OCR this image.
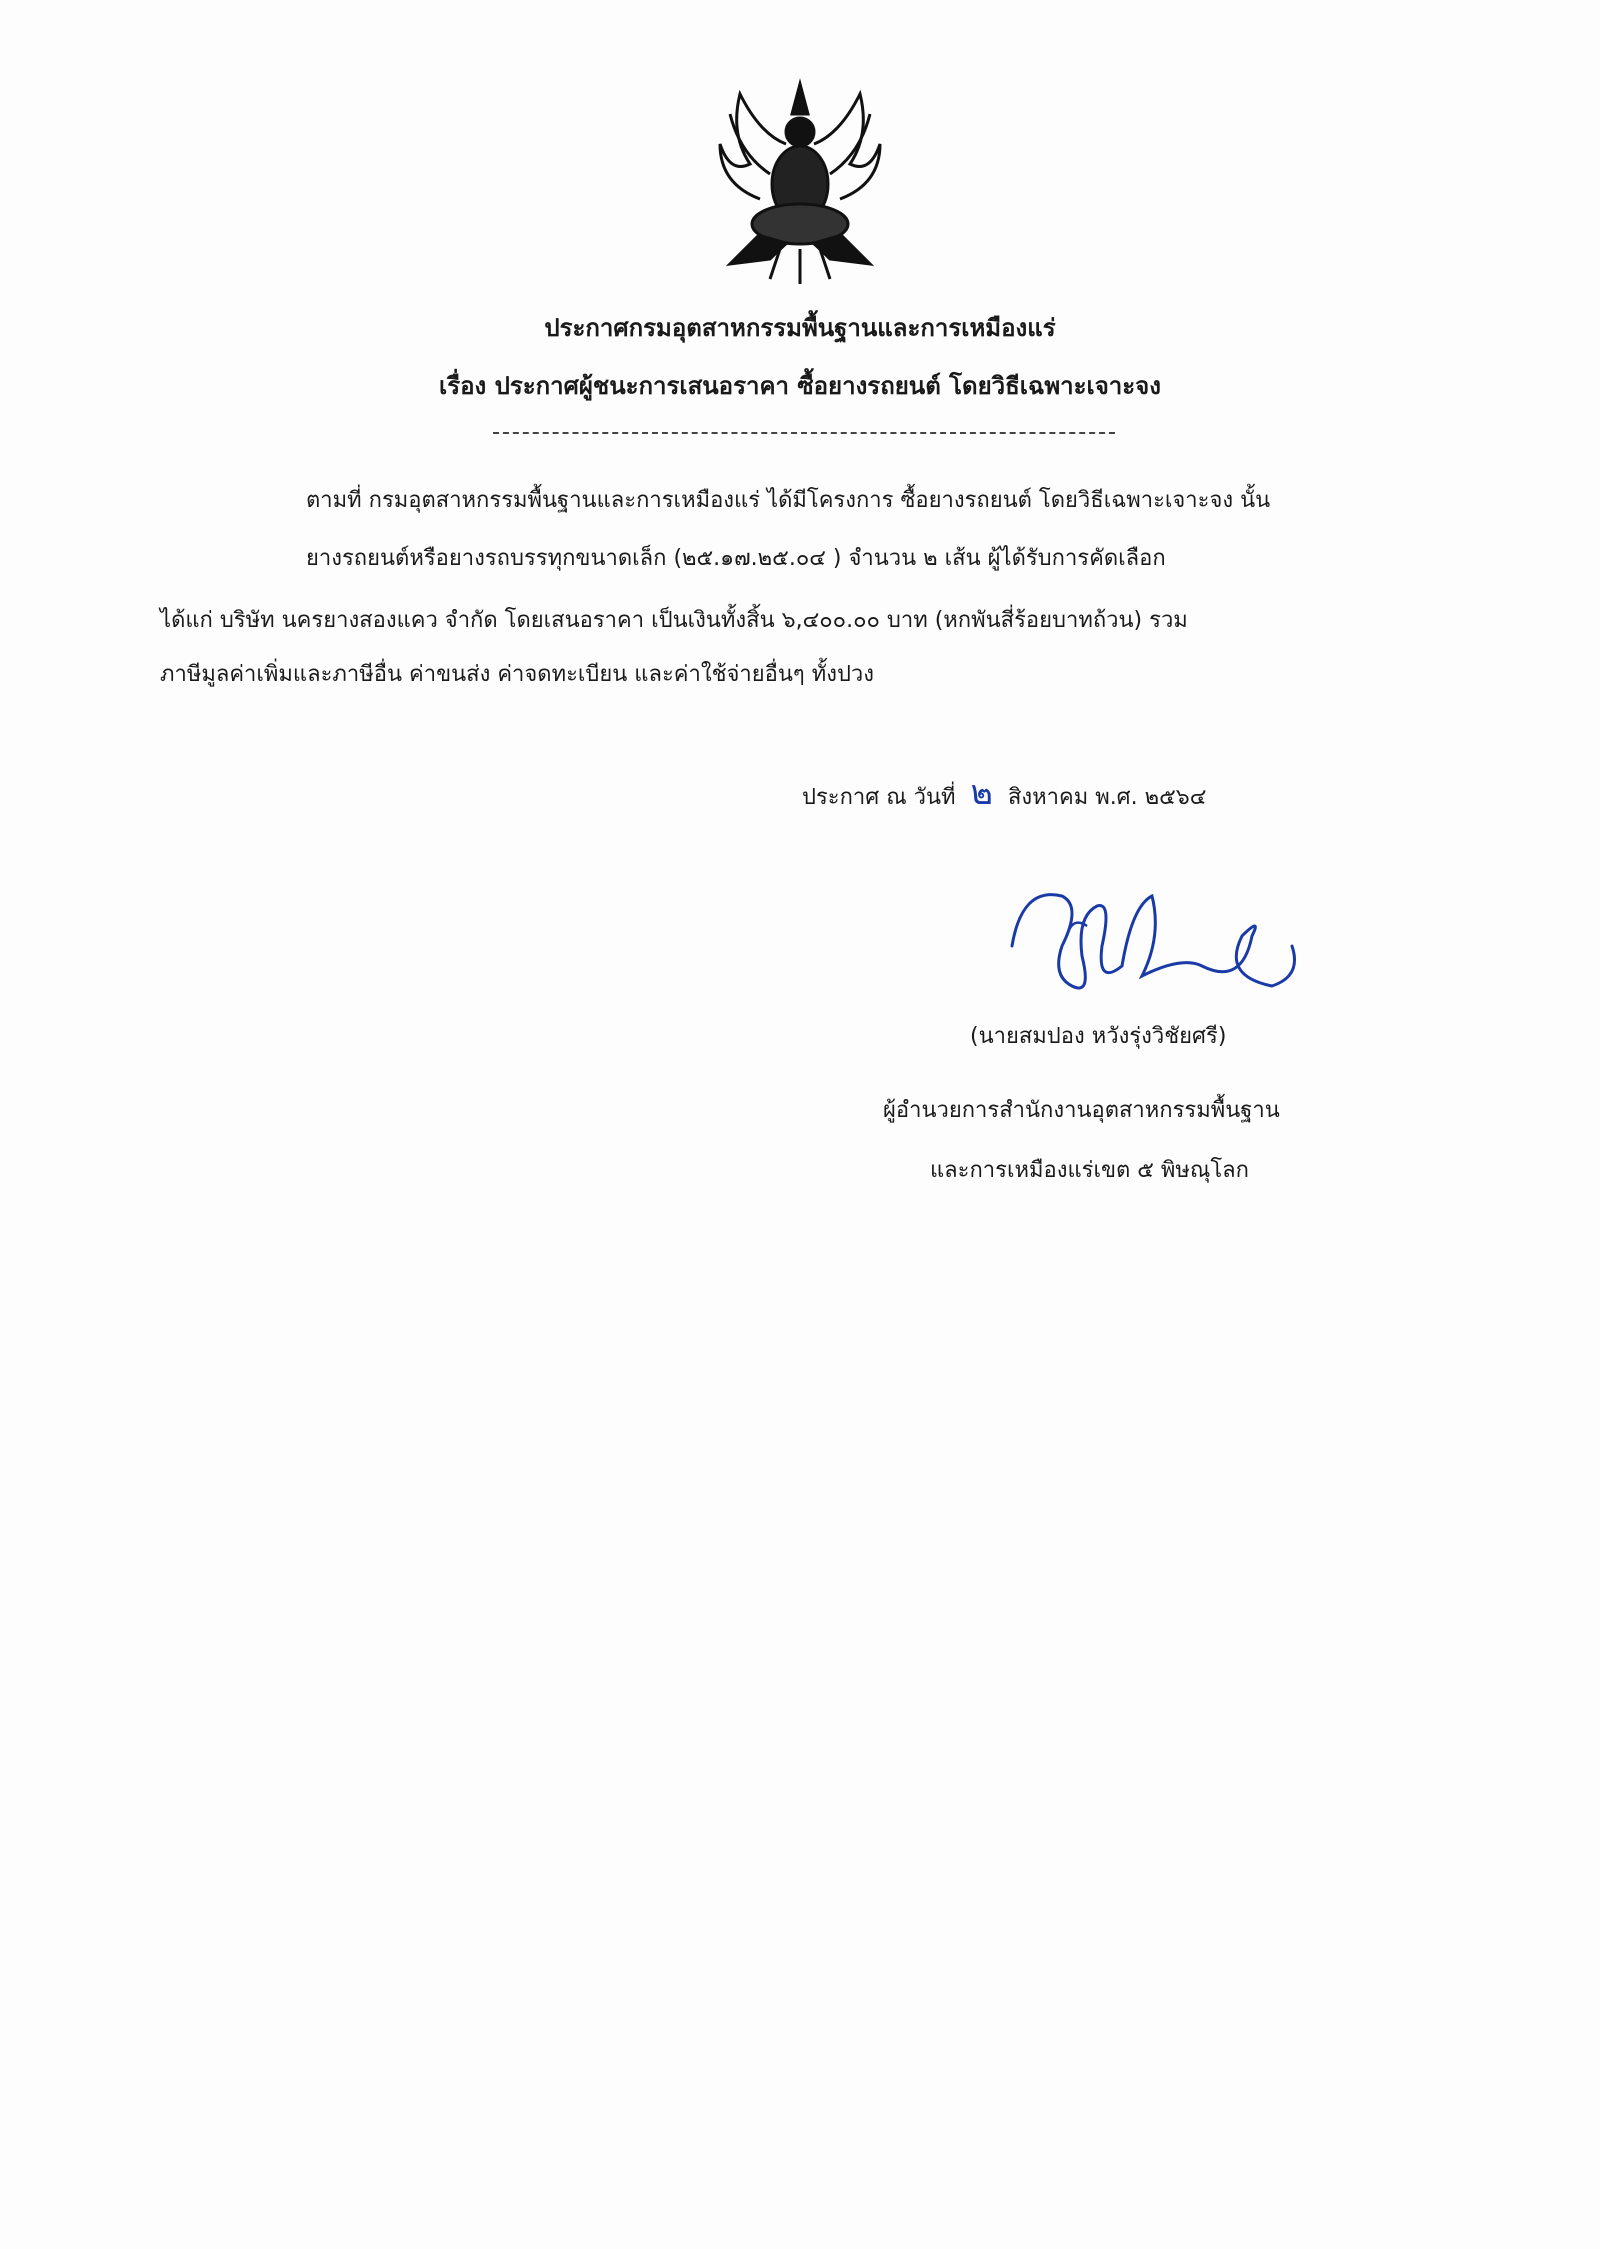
ประกาศกรมอุตสาหกรรมพื้นฐานและการเหมืองแร่
เรื่อง ประกาศผู้ชนะการเสนอราคา ซื้อยางรถยนต์ โดยวิธีเฉพาะเจาะจง
ตามที่ กรมอุตสาหกรรมพื้นฐานและการเหมืองแร่ ได้มีโครงการ ซื้อยางรถยนต์ โดยวิธีเฉพาะเจาะจง นั้น
ยางรถยนต์หรือยางรถบรรทุกขนาดเล็ก (๒๕.๑๗.๒๕.๐๔ ) จำนวน ๒ เส้น ผู้ได้รับการคัดเลือก
ได้แก่ บริษัท นครยางสองแคว จำกัด โดยเสนอราคา เป็นเงินทั้งสิ้น ๖,๔๐๐.๐๐ บาท (หกพันสี่ร้อยบาทถ้วน) รวม
ภาษีมูลค่าเพิ่มและภาษีอื่น ค่าขนส่ง ค่าจดทะเบียน และค่าใช้จ่ายอื่นๆ ทั้งปวง
ประกาศ ณ วันที่ ๒ สิงหาคม พ.ศ. ๒๕๖๔
(นายสมปอง หวังรุ่งวิชัยศรี)
ผู้อำนวยการสำนักงานอุตสาหกรรมพื้นฐาน
และการเหมืองแร่เขต ๕ พิษณุโลก
